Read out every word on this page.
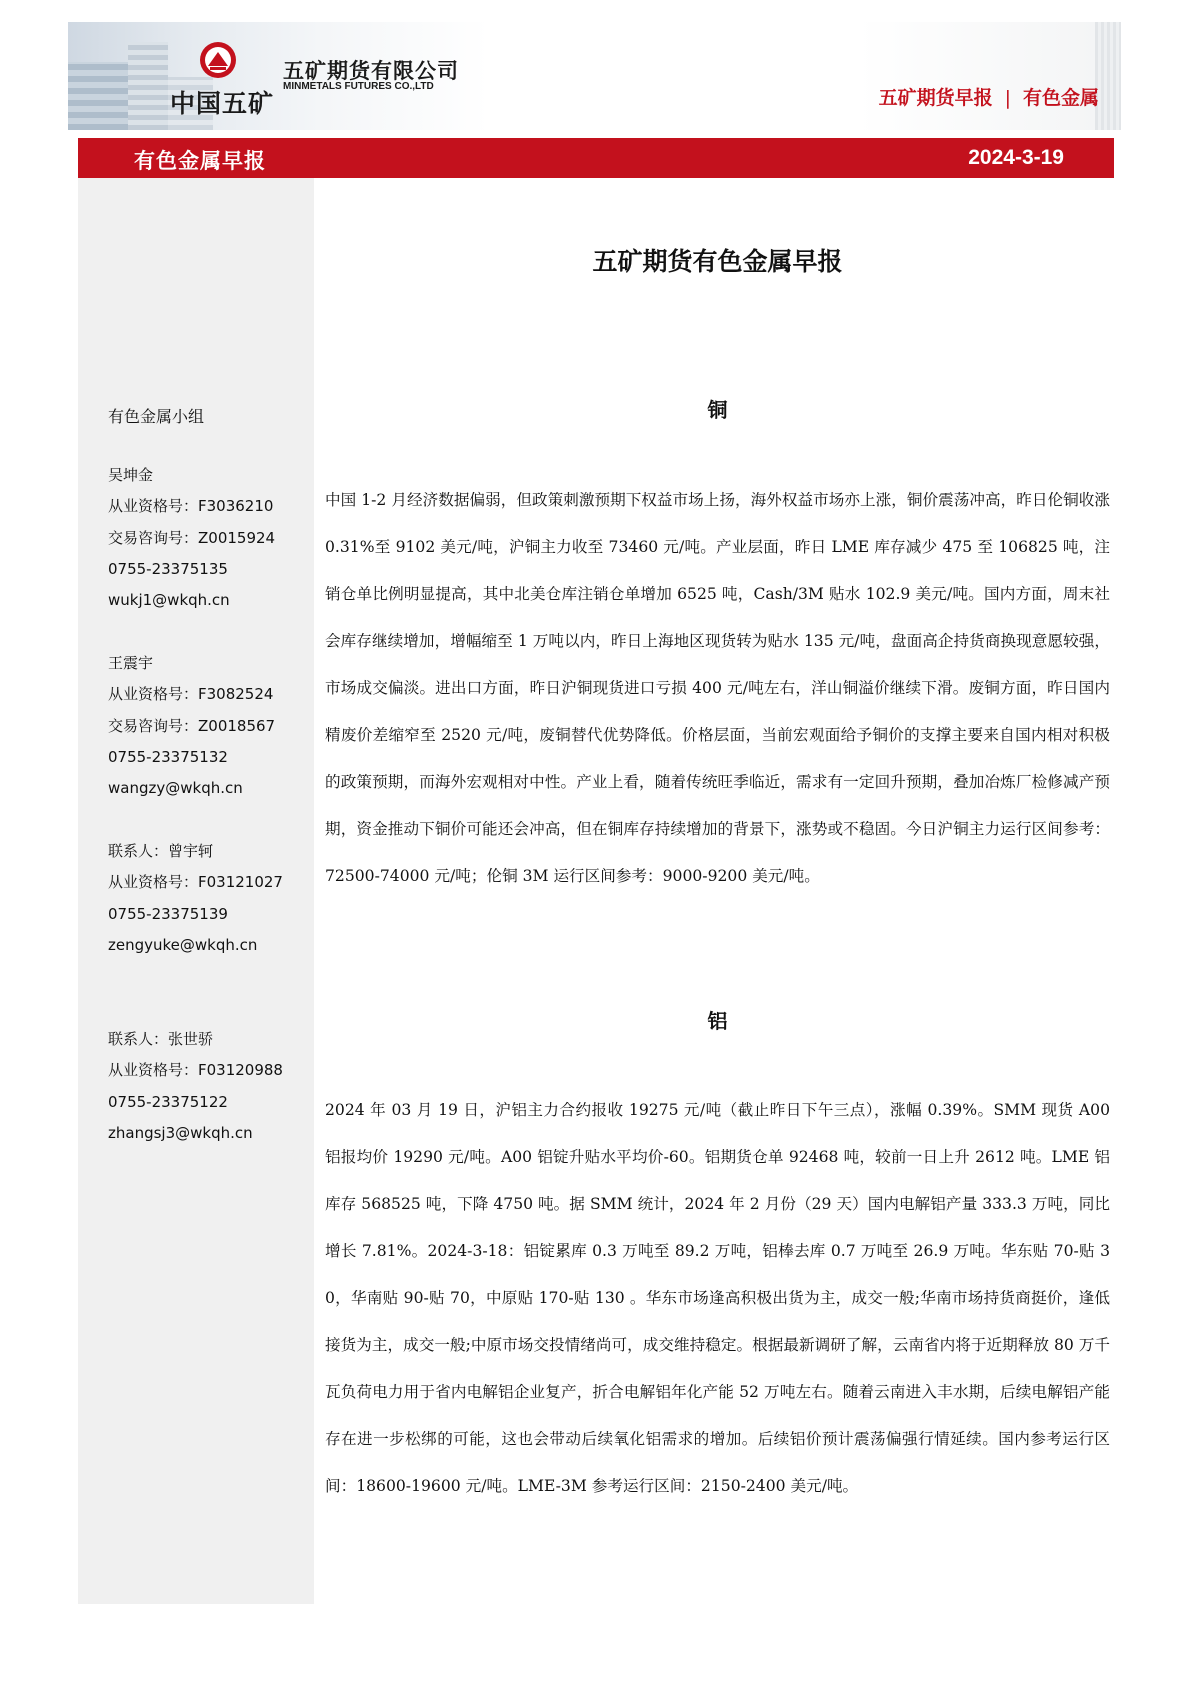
中国五矿
五矿期货有限公司
MINMETALS FUTURES CO.,LTD
五矿期货早报 | 有色金属
有色金属早报	2024-3-19
有色金属小组
吴坤金
从业资格号：F3036210
交易咨询号：Z0015924
0755-23375135
wukj1@wkqh.cn
王震宇
从业资格号：F3082524
交易咨询号：Z0018567
0755-23375132
wangzy@wkqh.cn
联系人：曾宇轲
从业资格号：F03121027
0755-23375139
zengyuke@wkqh.cn
联系人：张世骄
从业资格号：F03120988
0755-23375122
zhangsj3@wkqh.cn
五矿期货有色金属早报
铜

中国 1-2 月经济数据偏弱，但政策刺激预期下权益市场上扬，海外权益市场亦上涨，铜价震荡冲高，昨日伦铜收涨 0.31%至 9102 美元/吨，沪铜主力收至 73460 元/吨。产业层面，昨日 LME 库存减少 475 至 106825 吨，注销仓单比例明显提高，其中北美仓库注销仓单增加 6525 吨，Cash/3M 贴水 102.9 美元/吨。国内方面，周末社会库存继续增加，增幅缩至 1 万吨以内，昨日上海地区现货转为贴水 135 元/吨，盘面高企持货商换现意愿较强，市场成交偏淡。进出口方面，昨日沪铜现货进口亏损 400 元/吨左右，洋山铜溢价继续下滑。废铜方面，昨日国内精废价差缩窄至 2520 元/吨，废铜替代优势降低。价格层面，当前宏观面给予铜价的支撑主要来自国内相对积极的政策预期，而海外宏观相对中性。产业上看，随着传统旺季临近，需求有一定回升预期，叠加冶炼厂检修减产预期，资金推动下铜价可能还会冲高，但在铜库存持续增加的背景下，涨势或不稳固。今日沪铜主力运行区间参考：72500-74000 元/吨；伦铜 3M 运行区间参考：9000-9200 美元/吨。

铝

2024 年 03 月 19 日，沪铝主力合约报收 19275 元/吨（截止昨日下午三点），涨幅 0.39%。SMM 现货 A00 铝报均价 19290 元/吨。A00 铝锭升贴水平均价-60。铝期货仓单 92468 吨，较前一日上升 2612 吨。LME 铝库存 568525 吨，下降 4750 吨。据 SMM 统计，2024 年 2 月份（29 天）国内电解铝产量 333.3 万吨，同比增长 7.81%。2024-3-18：铝锭累库 0.3 万吨至 89.2 万吨，铝棒去库 0.7 万吨至 26.9 万吨。华东贴 70-贴 30，华南贴 90-贴 70，中原贴 170-贴 130 。华东市场逢高积极出货为主，成交一般;华南市场持货商挺价，逢低接货为主，成交一般;中原市场交投情绪尚可，成交维持稳定。根据最新调研了解，云南省内将于近期释放 80 万千瓦负荷电力用于省内电解铝企业复产，折合电解铝年化产能 52 万吨左右。随着云南进入丰水期，后续电解铝产能存在进一步松绑的可能，这也会带动后续氧化铝需求的增加。后续铝价预计震荡偏强行情延续。国内参考运行区间：18600-19600 元/吨。LME-3M 参考运行区间：2150-2400 美元/吨。
